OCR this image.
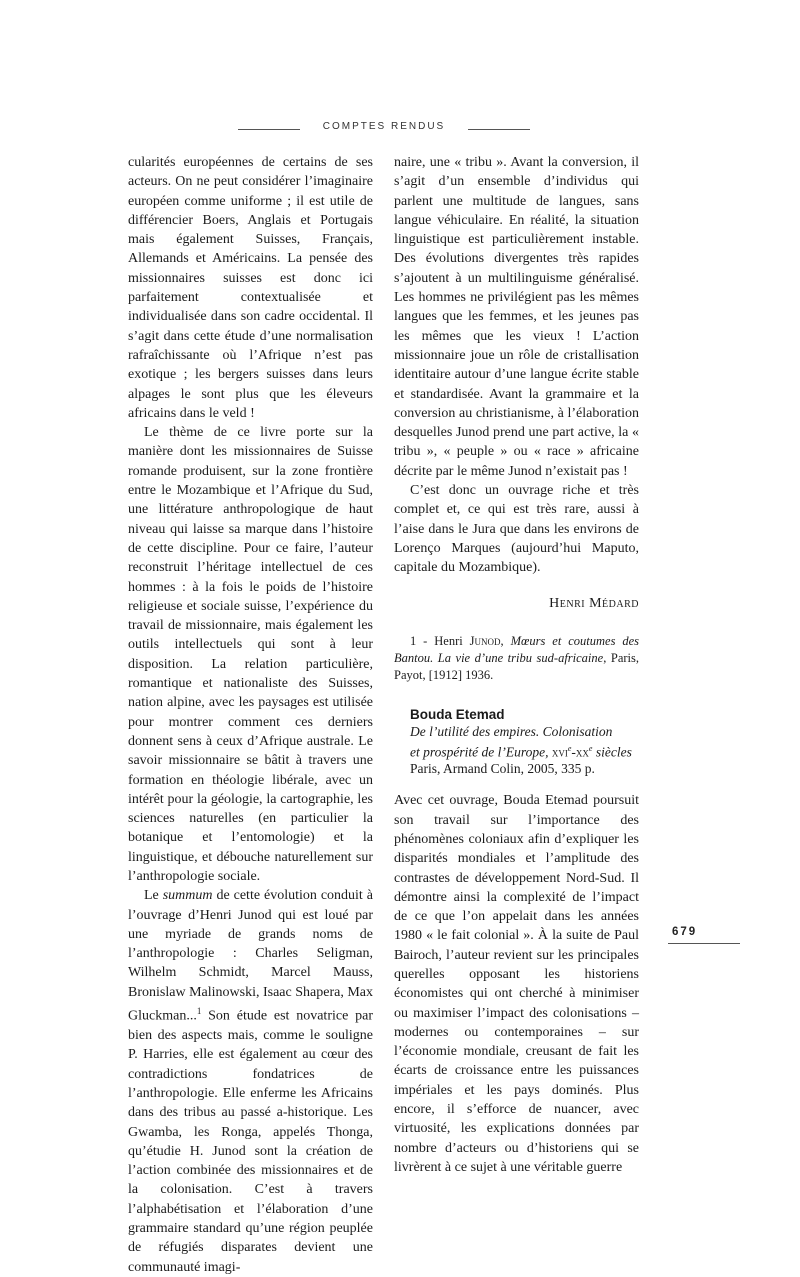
COMPTES RENDUS

cularités européennes de certains de ses acteurs. On ne peut considérer l’imaginaire européen comme uniforme ; il est utile de différencier Boers, Anglais et Portugais mais également Suisses, Français, Allemands et Américains. La pensée des missionnaires suisses est donc ici parfaitement contextualisée et individualisée dans son cadre occidental. Il s’agit dans cette étude d’une normalisation rafraîchissante où l’Afrique n’est pas exotique ; les bergers suisses dans leurs alpages le sont plus que les éleveurs africains dans le veld !

Le thème de ce livre porte sur la manière dont les missionnaires de Suisse romande produisent, sur la zone frontière entre le Mozambique et l’Afrique du Sud, une littérature anthropologique de haut niveau qui laisse sa marque dans l’histoire de cette discipline. Pour ce faire, l’auteur reconstruit l’héritage intellectuel de ces hommes : à la fois le poids de l’histoire religieuse et sociale suisse, l’expérience du travail de missionnaire, mais également les outils intellectuels qui sont à leur disposition. La relation particulière, romantique et nationaliste des Suisses, nation alpine, avec les paysages est utilisée pour montrer comment ces derniers donnent sens à ceux d’Afrique australe. Le savoir missionnaire se bâtit à travers une formation en théologie libérale, avec un intérêt pour la géologie, la cartographie, les sciences naturelles (en particulier la botanique et l’entomologie) et la linguistique, et débouche naturellement sur l’anthropologie sociale.

Le summum de cette évolution conduit à l’ouvrage d’Henri Junod qui est loué par une myriade de grands noms de l’anthropologie : Charles Seligman, Wilhelm Schmidt, Marcel Mauss, Bronislaw Malinowski, Isaac Shapera, Max Gluckman...$^1$ Son étude est novatrice par bien des aspects mais, comme le souligne P. Harries, elle est également au cœur des contradictions fondatrices de l’anthropologie. Elle enferme les Africains dans des tribus au passé a-historique. Les Gwamba, les Ronga, appelés Thonga, qu’étudie H. Junod sont la création de l’action combinée des missionnaires et de la colonisation. C’est à travers l’alphabétisation et l’élaboration d’une grammaire standard qu’une région peuplée de réfugiés disparates devient une communauté imagi-

naire, une « tribu ». Avant la conversion, il s’agit d’un ensemble d’individus qui parlent une multitude de langues, sans langue véhiculaire. En réalité, la situation linguistique est particulièrement instable. Des évolutions divergentes très rapides s’ajoutent à un multilinguisme généralisé. Les hommes ne privilégient pas les mêmes langues que les femmes, et les jeunes pas les mêmes que les vieux ! L’action missionnaire joue un rôle de cristallisation identitaire autour d’une langue écrite stable et standardisée. Avant la grammaire et la conversion au christianisme, à l’élaboration desquelles Junod prend une part active, la « tribu », « peuple » ou « race » africaine décrite par le même Junod n’existait pas !

C’est donc un ouvrage riche et très complet et, ce qui est très rare, aussi à l’aise dans le Jura que dans les environs de Lorenço Marques (aujourd’hui Maputo, capitale du Mozambique).

Henri Médard

1 - Henri Junod, Mœurs et coutumes des Bantou. La vie d’une tribu sud-africaine, Paris, Payot, [1912] 1936.

Bouda Etemad
De l’utilité des empires. Colonisation
et prospérité de l’Europe, $xvi^e-xx^e$ siècles
Paris, Armand Colin, 2005, 335 p.

Avec cet ouvrage, Bouda Etemad poursuit son travail sur l’importance des phénomènes coloniaux afin d’expliquer les disparités mondiales et l’amplitude des contrastes de développement Nord-Sud. Il démontre ainsi la complexité de l’impact de ce que l’on appelait dans les années 1980 « le fait colonial ». À la suite de Paul Bairoch, l’auteur revient sur les principales querelles opposant les historiens économistes qui ont cherché à minimiser ou maximiser l’impact des colonisations – modernes ou contemporaines – sur l’économie mondiale, creusant de fait les écarts de croissance entre les puissances impériales et les pays dominés. Plus encore, il s’efforce de nuancer, avec virtuosité, les explications données par nombre d’acteurs ou d’historiens qui se livrèrent à ce sujet à une véritable guerre

679
